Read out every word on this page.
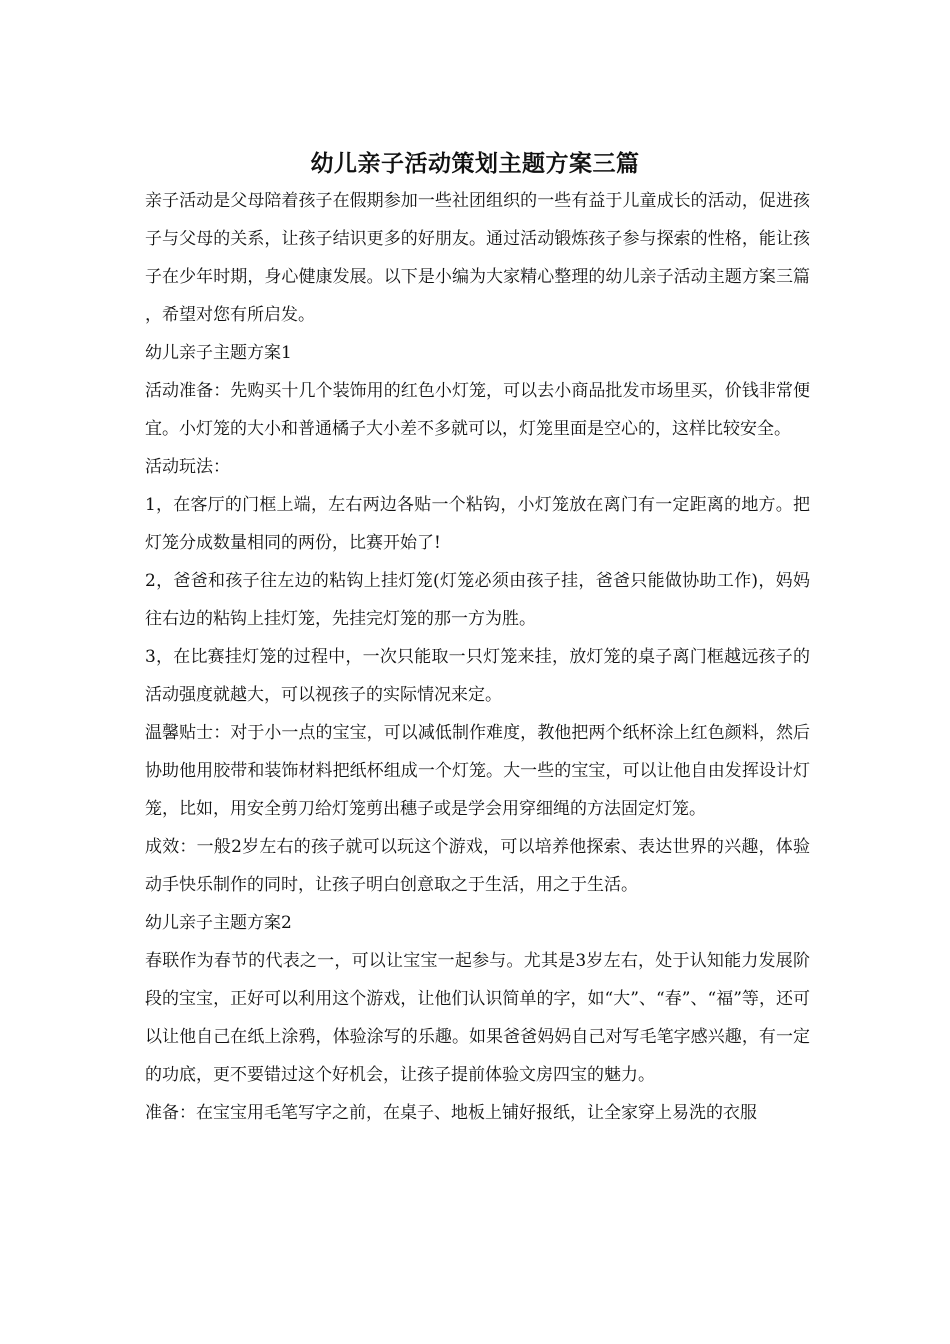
幼儿亲子活动策划主题方案三篇

亲子活动是父母陪着孩子在假期参加一些社团组织的一些有益于儿童成长的活动，促进孩子与父母的关系，让孩子结识更多的好朋友。通过活动锻炼孩子参与探索的性格，能让孩子在少年时期，身心健康发展。以下是小编为大家精心整理的幼儿亲子活动主题方案三篇，希望对您有所启发。

幼儿亲子主题方案1

活动准备：先购买十几个装饰用的红色小灯笼，可以去小商品批发市场里买，价钱非常便宜。小灯笼的大小和普通橘子大小差不多就可以，灯笼里面是空心的，这样比较安全。

活动玩法：

1，在客厅的门框上端，左右两边各贴一个粘钩，小灯笼放在离门有一定距离的地方。把灯笼分成数量相同的两份，比赛开始了!

2，爸爸和孩子往左边的粘钩上挂灯笼(灯笼必须由孩子挂，爸爸只能做协助工作)，妈妈往右边的粘钩上挂灯笼，先挂完灯笼的那一方为胜。

3，在比赛挂灯笼的过程中，一次只能取一只灯笼来挂，放灯笼的桌子离门框越远孩子的活动强度就越大，可以视孩子的实际情况来定。

温馨贴士：对于小一点的宝宝，可以减低制作难度，教他把两个纸杯涂上红色颜料，然后协助他用胶带和装饰材料把纸杯组成一个灯笼。大一些的宝宝，可以让他自由发挥设计灯笼，比如，用安全剪刀给灯笼剪出穗子或是学会用穿细绳的方法固定灯笼。

成效：一般2岁左右的孩子就可以玩这个游戏，可以培养他探索、表达世界的兴趣，体验动手快乐制作的同时，让孩子明白创意取之于生活，用之于生活。

幼儿亲子主题方案2

春联作为春节的代表之一，可以让宝宝一起参与。尤其是3岁左右，处于认知能力发展阶段的宝宝，正好可以利用这个游戏，让他们认识简单的字，如“大”、“春”、“福”等，还可以让他自己在纸上涂鸦，体验涂写的乐趣。如果爸爸妈妈自己对写毛笔字感兴趣，有一定的功底，更不要错过这个好机会，让孩子提前体验文房四宝的魅力。

准备：在宝宝用毛笔写字之前，在桌子、地板上铺好报纸，让全家穿上易洗的衣服
